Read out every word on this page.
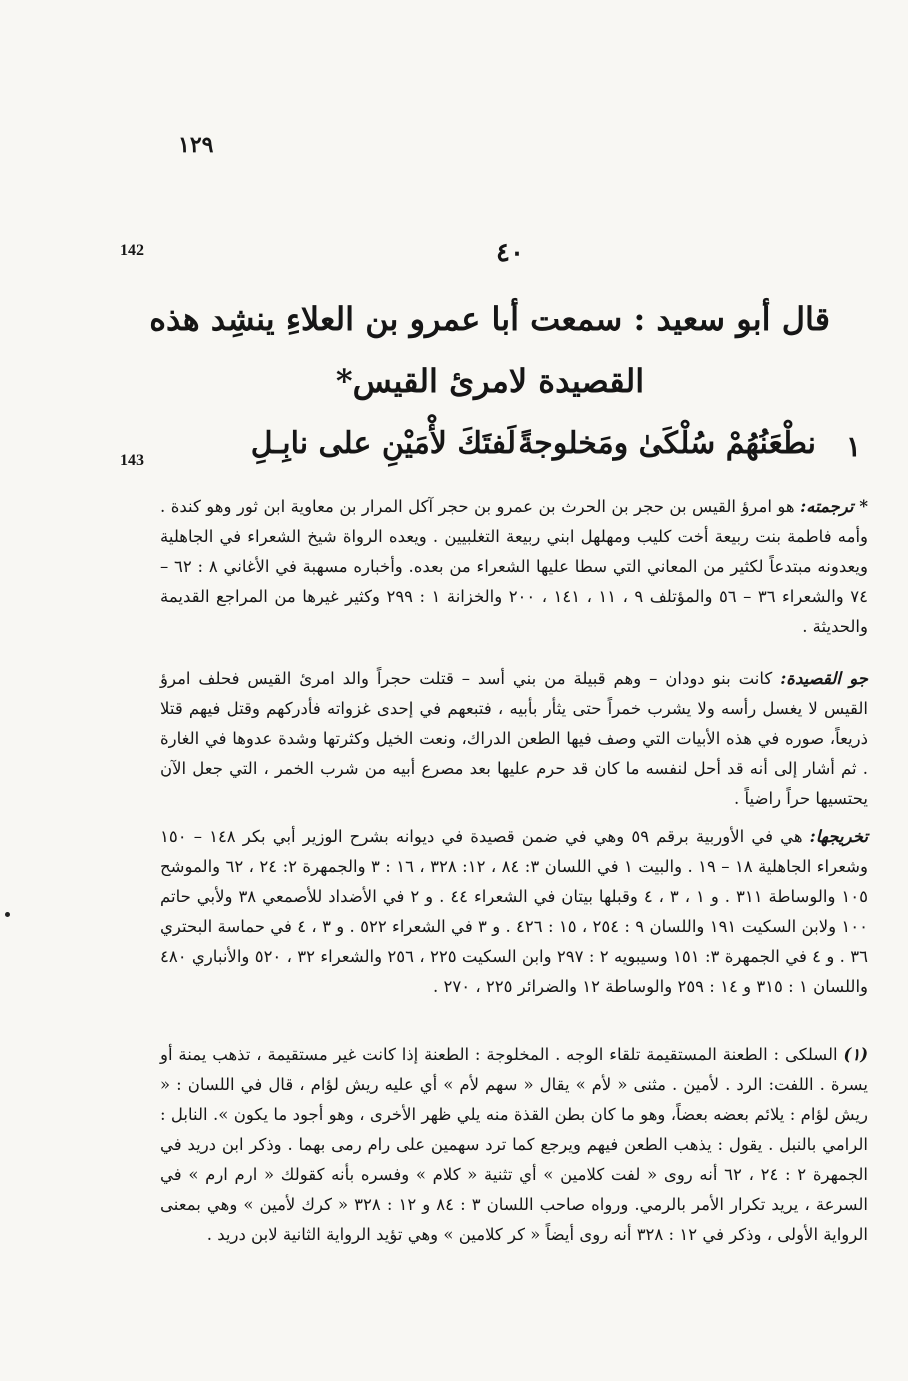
١٢٩
142	٤٠
قال أبو سعيد : سمعت أبا عمرو بن العلاءِ ينشِد هذه
القصيدة لامرئ القيس*
١
نطْعَنُهُمْ سُلْكَىٰ ومَخلوجةً
لَفتَكَ لأْمَيْنِ على نابِـلِ
143

* ترجمته: هو امرؤ القيس بن حجر بن الحرث بن عمرو بن حجر آكل المرار بن معاوية ابن ثور وهو كندة . وأمه فاطمة بنت ربيعة أخت كليب ومهلهل ابني ربيعة التغلبيين . ويعده الرواة شيخ الشعراء في الجاهلية ويعدونه مبتدعاً لكثير من المعاني التي سطا عليها الشعراء من بعده. وأخباره مسهبة في الأغاني ٨ : ٦٢ – ٧٤ والشعراء ٣٦ – ٥٦ والمؤتلف ٩ ، ١١ ، ١٤١ ، ٢٠٠ والخزانة ١ : ٢٩٩ وكثير غيرها من المراجع القديمة والحديثة .

جو القصيدة: كانت بنو دودان – وهم قبيلة من بني أسد – قتلت حجراً والد امرئ القيس فحلف امرؤ القيس لا يغسل رأسه ولا يشرب خمراً حتى يثأر بأبيه ، فتبعهم في إحدى غزواته فأدركهم وقتل فيهم قتلا ذريعاً، صوره في هذه الأبيات التي وصف فيها الطعن الدراك، ونعت الخيل وكثرتها وشدة عدوها في الغارة . ثم أشار إلى أنه قد أحل لنفسه ما كان قد حرم عليها بعد مصرع أبيه من شرب الخمر ، التي جعل الآن يحتسيها حراً راضياً .

تخريجها: هي في الأوربية برقم ٥٩ وهي في ضمن قصيدة في ديوانه بشرح الوزير أبي بكر ١٤٨ – ١٥٠ وشعراء الجاهلية ١٨ – ١٩ . والبيت ١ في اللسان ٣: ٨٤ ، ١٢: ٣٢٨ ، ١٦ : ٣ والجمهرة ٢: ٢٤ ، ٦٢ والموشح ١٠٥ والوساطة ٣١١ . و ١ ، ٣ ، ٤ وقبلها بيتان في الشعراء ٤٤ . و ٢ في الأضداد للأصمعي ٣٨ ولأبي حاتم ١٠٠ ولابن السكيت ١٩١ واللسان ٩ : ٢٥٤ ، ١٥ : ٤٢٦ . و ٣ في الشعراء ٥٢٢ . و ٣ ، ٤ في حماسة البحتري ٣٦ . و ٤ في الجمهرة ٣: ١٥١ وسيبويه ٢ : ٢٩٧ وابن السكيت ٢٢٥ ، ٢٥٦ والشعراء ٣٢ ، ٥٢٠ والأنباري ٤٨٠ واللسان ١ : ٣١٥ و ١٤ : ٢٥٩ والوساطة ١٢ والضرائر ٢٢٥ ، ٢٧٠ .

(١) السلكى : الطعنة المستقيمة تلقاء الوجه . المخلوجة : الطعنة إذا كانت غير مستقيمة ، تذهب يمنة أو يسرة . اللفت: الرد . لأمين . مثنى « لأم » يقال « سهم لأم » أي عليه ريش لؤام ، قال في اللسان : « ريش لؤام : يلائم بعضه بعضاً، وهو ما كان بطن القذة منه يلي ظهر الأخرى ، وهو أجود ما يكون ». النابل : الرامي بالنبل . يقول : يذهب الطعن فيهم ويرجع كما ترد سهمين على رام رمى بهما . وذكر ابن دريد في الجمهرة ٢ : ٢٤ ، ٦٢ أنه روى « لفت كلامين » أي تثنية « كلام » وفسره بأنه كقولك « ارم ارم » في السرعة ، يريد تكرار الأمر بالرمي. ورواه صاحب اللسان ٣ : ٨٤ و ١٢ : ٣٢٨ « كرك لأمين » وهي بمعنى الرواية الأولى ، وذكر في ١٢ : ٣٢٨ أنه روى أيضاً « كر كلامين » وهي تؤيد الرواية الثانية لابن دريد .
